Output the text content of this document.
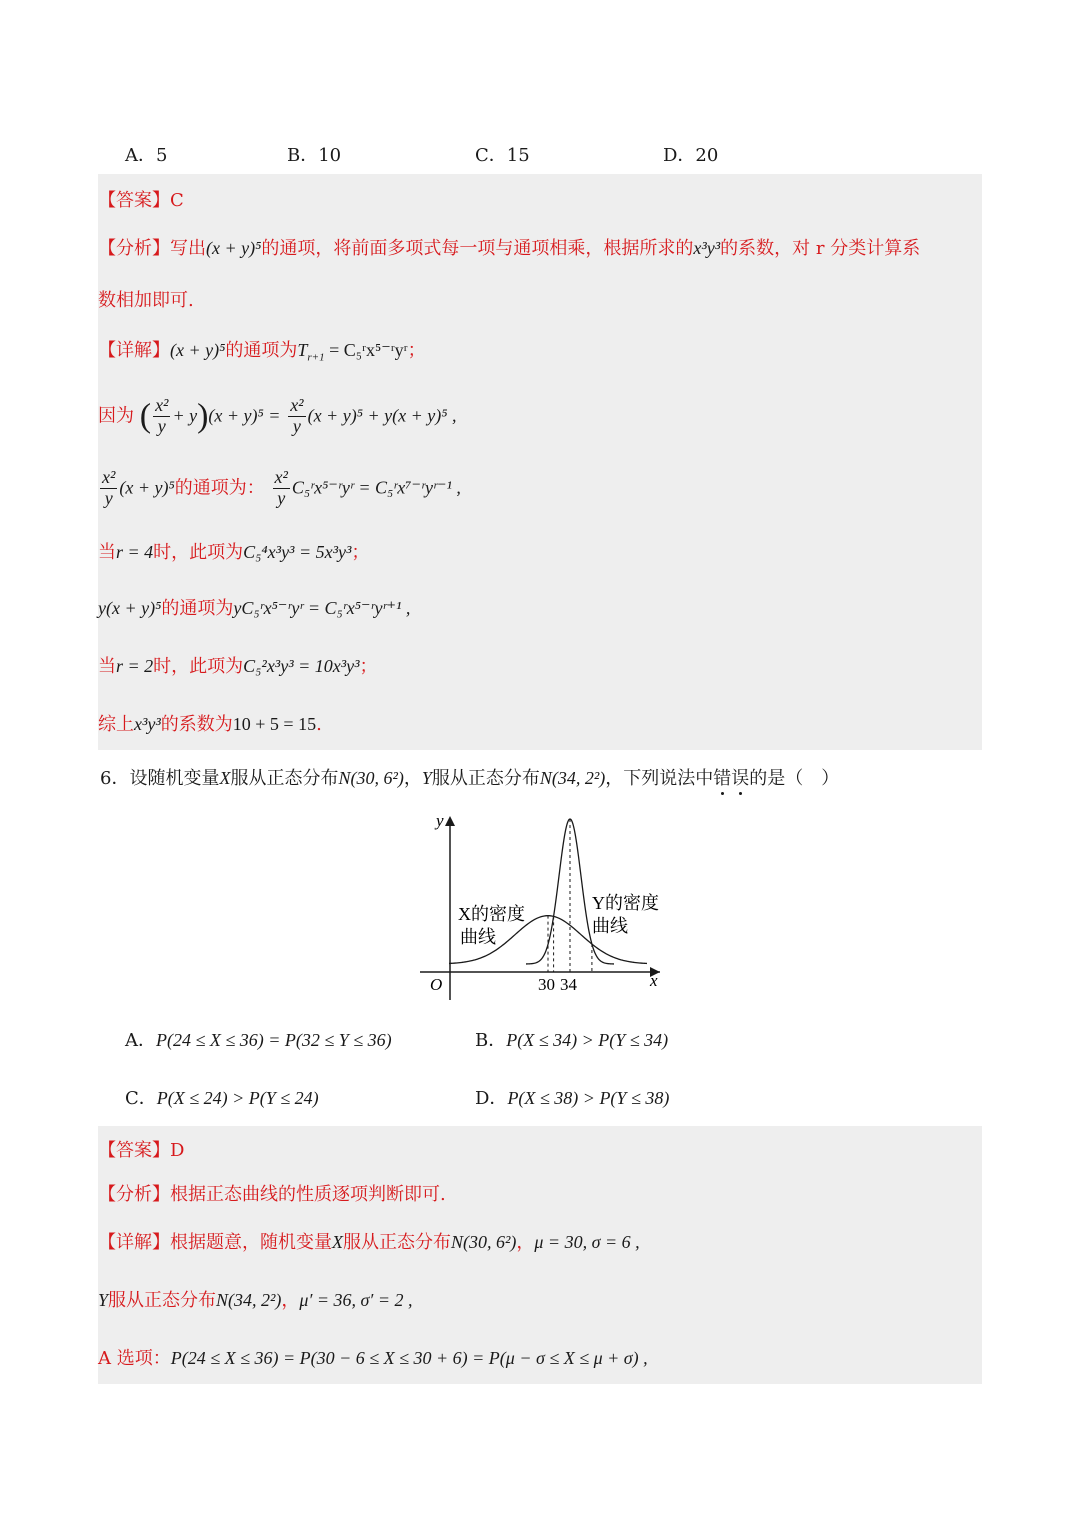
A．5	B．10	C．15	D．20
【答案】C
【分析】写出(x + y)⁵的通项，将前面多项式每一项与通项相乘，根据所求的x³y³的系数，对 r 分类计算系
数相加即可.
【详解】(x + y)⁵的通项为$T_{r+1}$ = C₅ʳx⁵⁻ʳyʳ；
因为 ( $\frac{\text{x²}}{y} + y)(x + y)^5 = \frac{\text{x²}}{y} (x + y)^5 + y(x + y)^5$ ,
$\frac{\text{x²}}{y} (x + y)^5$的通项为： $\frac{\text{x²}}{y}$ C₅ʳx⁵⁻ʳyʳ = C₅ʳx⁷⁻ʳyʳ⁻¹ ,
当r = 4时，此项为C₅⁴x³y³ = 5x³y³；
y(x + y)⁵的通项为yC₅ʳx⁵⁻ʳyʳ = C₅ʳx⁵⁻ʳyʳ⁺¹ ,
当r = 2时，此项为C₅²x³y³ = 10x³y³；
综上x³y³的系数为10 + 5 = 15.
6．设随机变量X服从正态分布N(30, 6²)，Y服从正态分布N(34, 2²)，下列说法中错误的是（　）
y
x
O	30 34
X的密度
曲线
Y的密度
曲线
A．P(24 ≤ X ≤ 36) = P(32 ≤ Y ≤ 36)	B．P(X ≤ 34) > P(Y ≤ 34)
C．P(X ≤ 24) > P(Y ≤ 24)	D．P(X ≤ 38) > P(Y ≤ 38)
【答案】D
【分析】根据正态曲线的性质逐项判断即可.
【详解】根据题意，随机变量X服从正态分布N(30, 6²)，μ = 30, σ = 6 ,
Y服从正态分布N(34, 2²)，μ′ = 36, σ′ = 2 ,
A 选项：P(24 ≤ X ≤ 36) = P(30 − 6 ≤ X ≤ 30 + 6) = P(μ − σ ≤ X ≤ μ + σ) ,
